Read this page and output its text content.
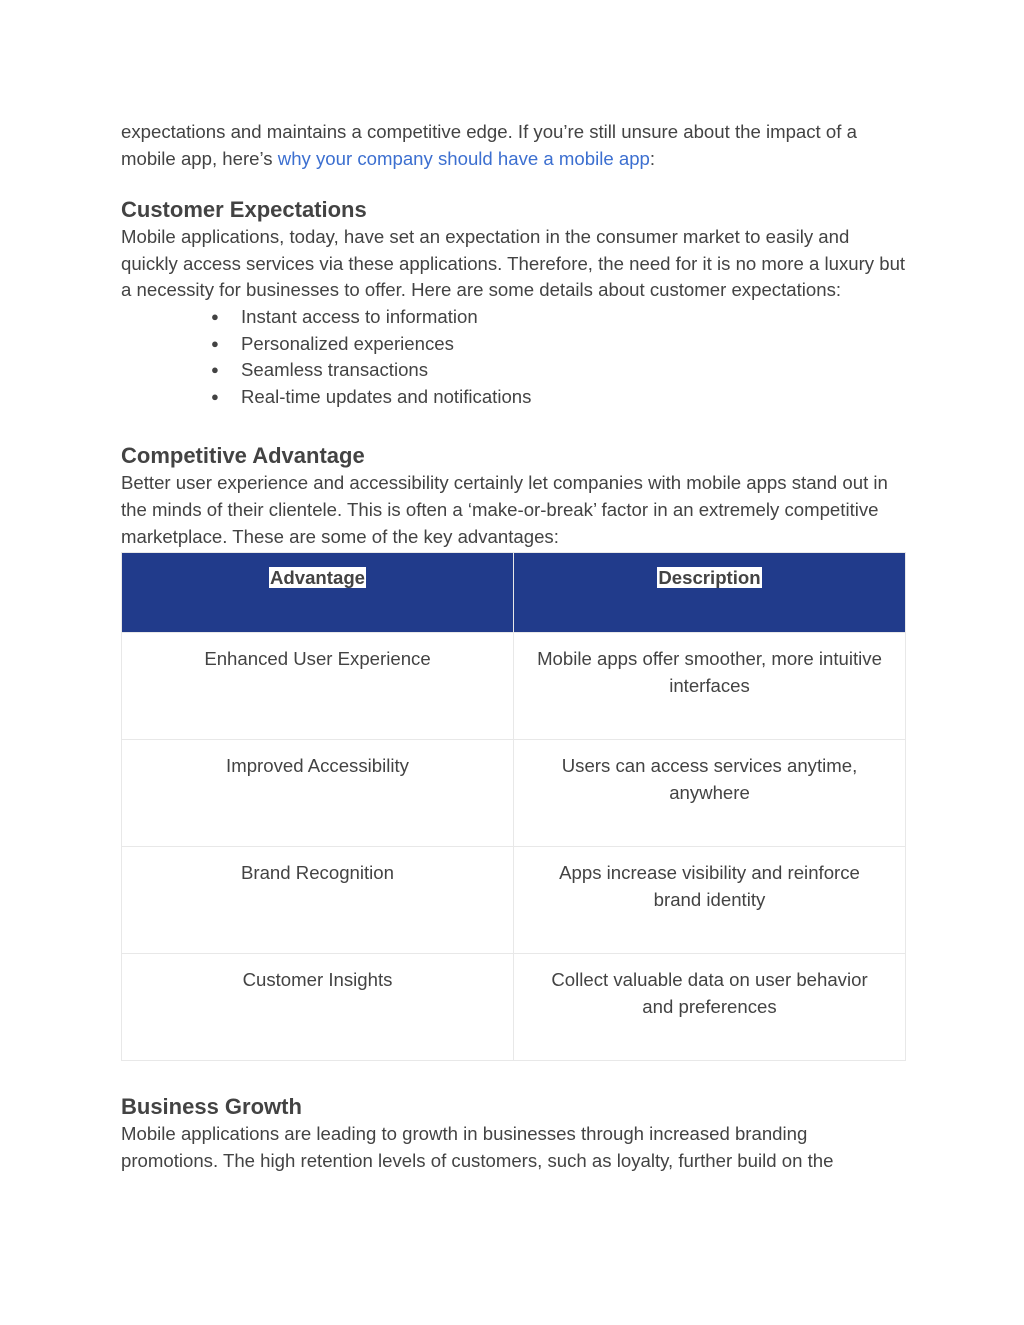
expectations and maintains a competitive edge. If you’re still unsure about the impact of a mobile app, here’s why your company should have a mobile app:

Customer Expectations

Mobile applications, today, have set an expectation in the consumer market to easily and quickly access services via these applications. Therefore, the need for it is no more a luxury but a necessity for businesses to offer. Here are some details about customer expectations:

●	Instant access to information
●	Personalized experiences
●	Seamless transactions
●	Real-time updates and notifications
Competitive Advantage

Better user experience and accessibility certainly let companies with mobile apps stand out in the minds of their clientele. This is often a ‘make-or-break’ factor in an extremely competitive marketplace. These are some of the key advantages:

Advantage	Description
Enhanced User Experience	Mobile apps offer smoother, more intuitive interfaces
Improved Accessibility	Users can access services anytime, anywhere
Brand Recognition	Apps increase visibility and reinforce brand identity
Customer Insights	Collect valuable data on user behavior and preferences
Business Growth

Mobile applications are leading to growth in businesses through increased branding promotions. The high retention levels of customers, such as loyalty, further build on the
